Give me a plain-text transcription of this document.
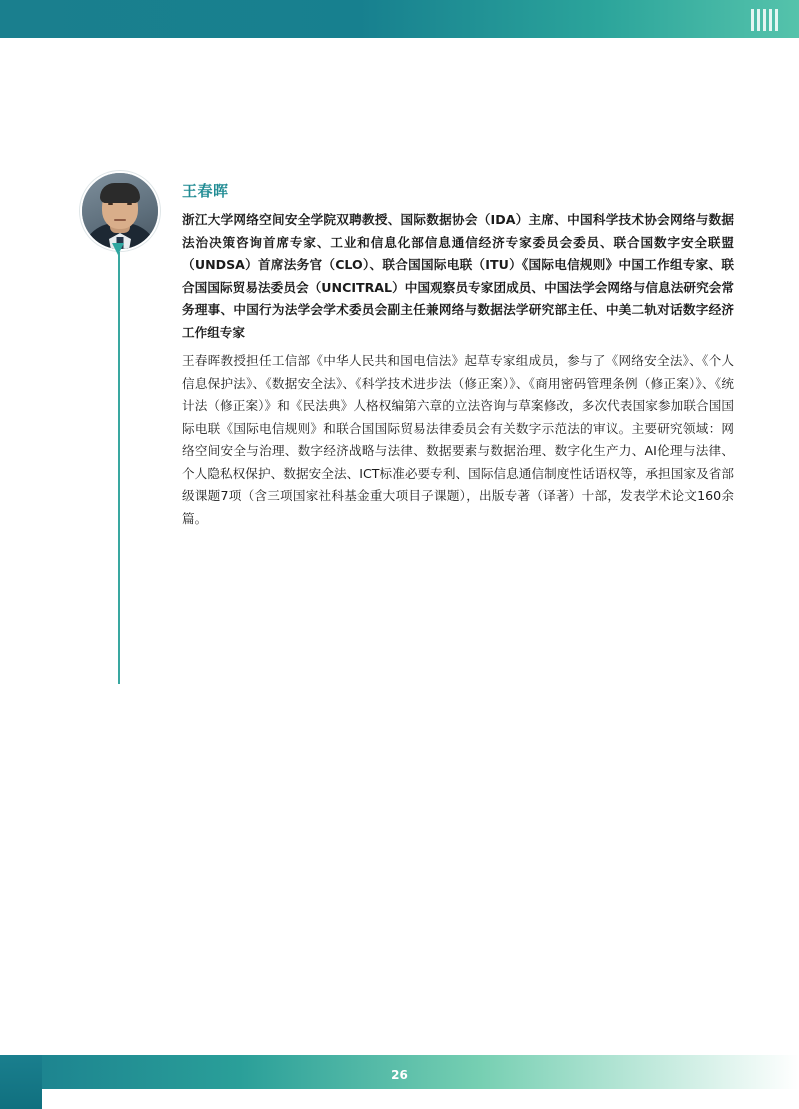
王春晖

浙江大学网络空间安全学院双聘教授、国际数据协会（IDA）主席、中国科学技术协会网络与数据法治决策咨询首席专家、工业和信息化部信息通信经济专家委员会委员、联合国数字安全联盟（UNDSA）首席法务官（CLO）、联合国国际电联（ITU）《国际电信规则》中国工作组专家、联合国国际贸易法委员会（UNCITRAL）中国观察员专家团成员、中国法学会网络与信息法研究会常务理事、中国行为法学会学术委员会副主任兼网络与数据法学研究部主任、中美二轨对话数字经济工作组专家

王春晖教授担任工信部《中华人民共和国电信法》起草专家组成员，参与了《网络安全法》、《个人信息保护法》、《数据安全法》、《科学技术进步法（修正案）》、《商用密码管理条例（修正案）》、《统计法（修正案）》和《民法典》人格权编第六章的立法咨询与草案修改，多次代表国家参加联合国国际电联《国际电信规则》和联合国国际贸易法律委员会有关数字示范法的审议。主要研究领域：网络空间安全与治理、数字经济战略与法律、数据要素与数据治理、数字化生产力、AI伦理与法律、个人隐私权保护、数据安全法、ICT标准必要专利、国际信息通信制度性话语权等，承担国家及省部级课题7项（含三项国家社科基金重大项目子课题），出版专著（译著）十部，发表学术论文160余篇。

26
